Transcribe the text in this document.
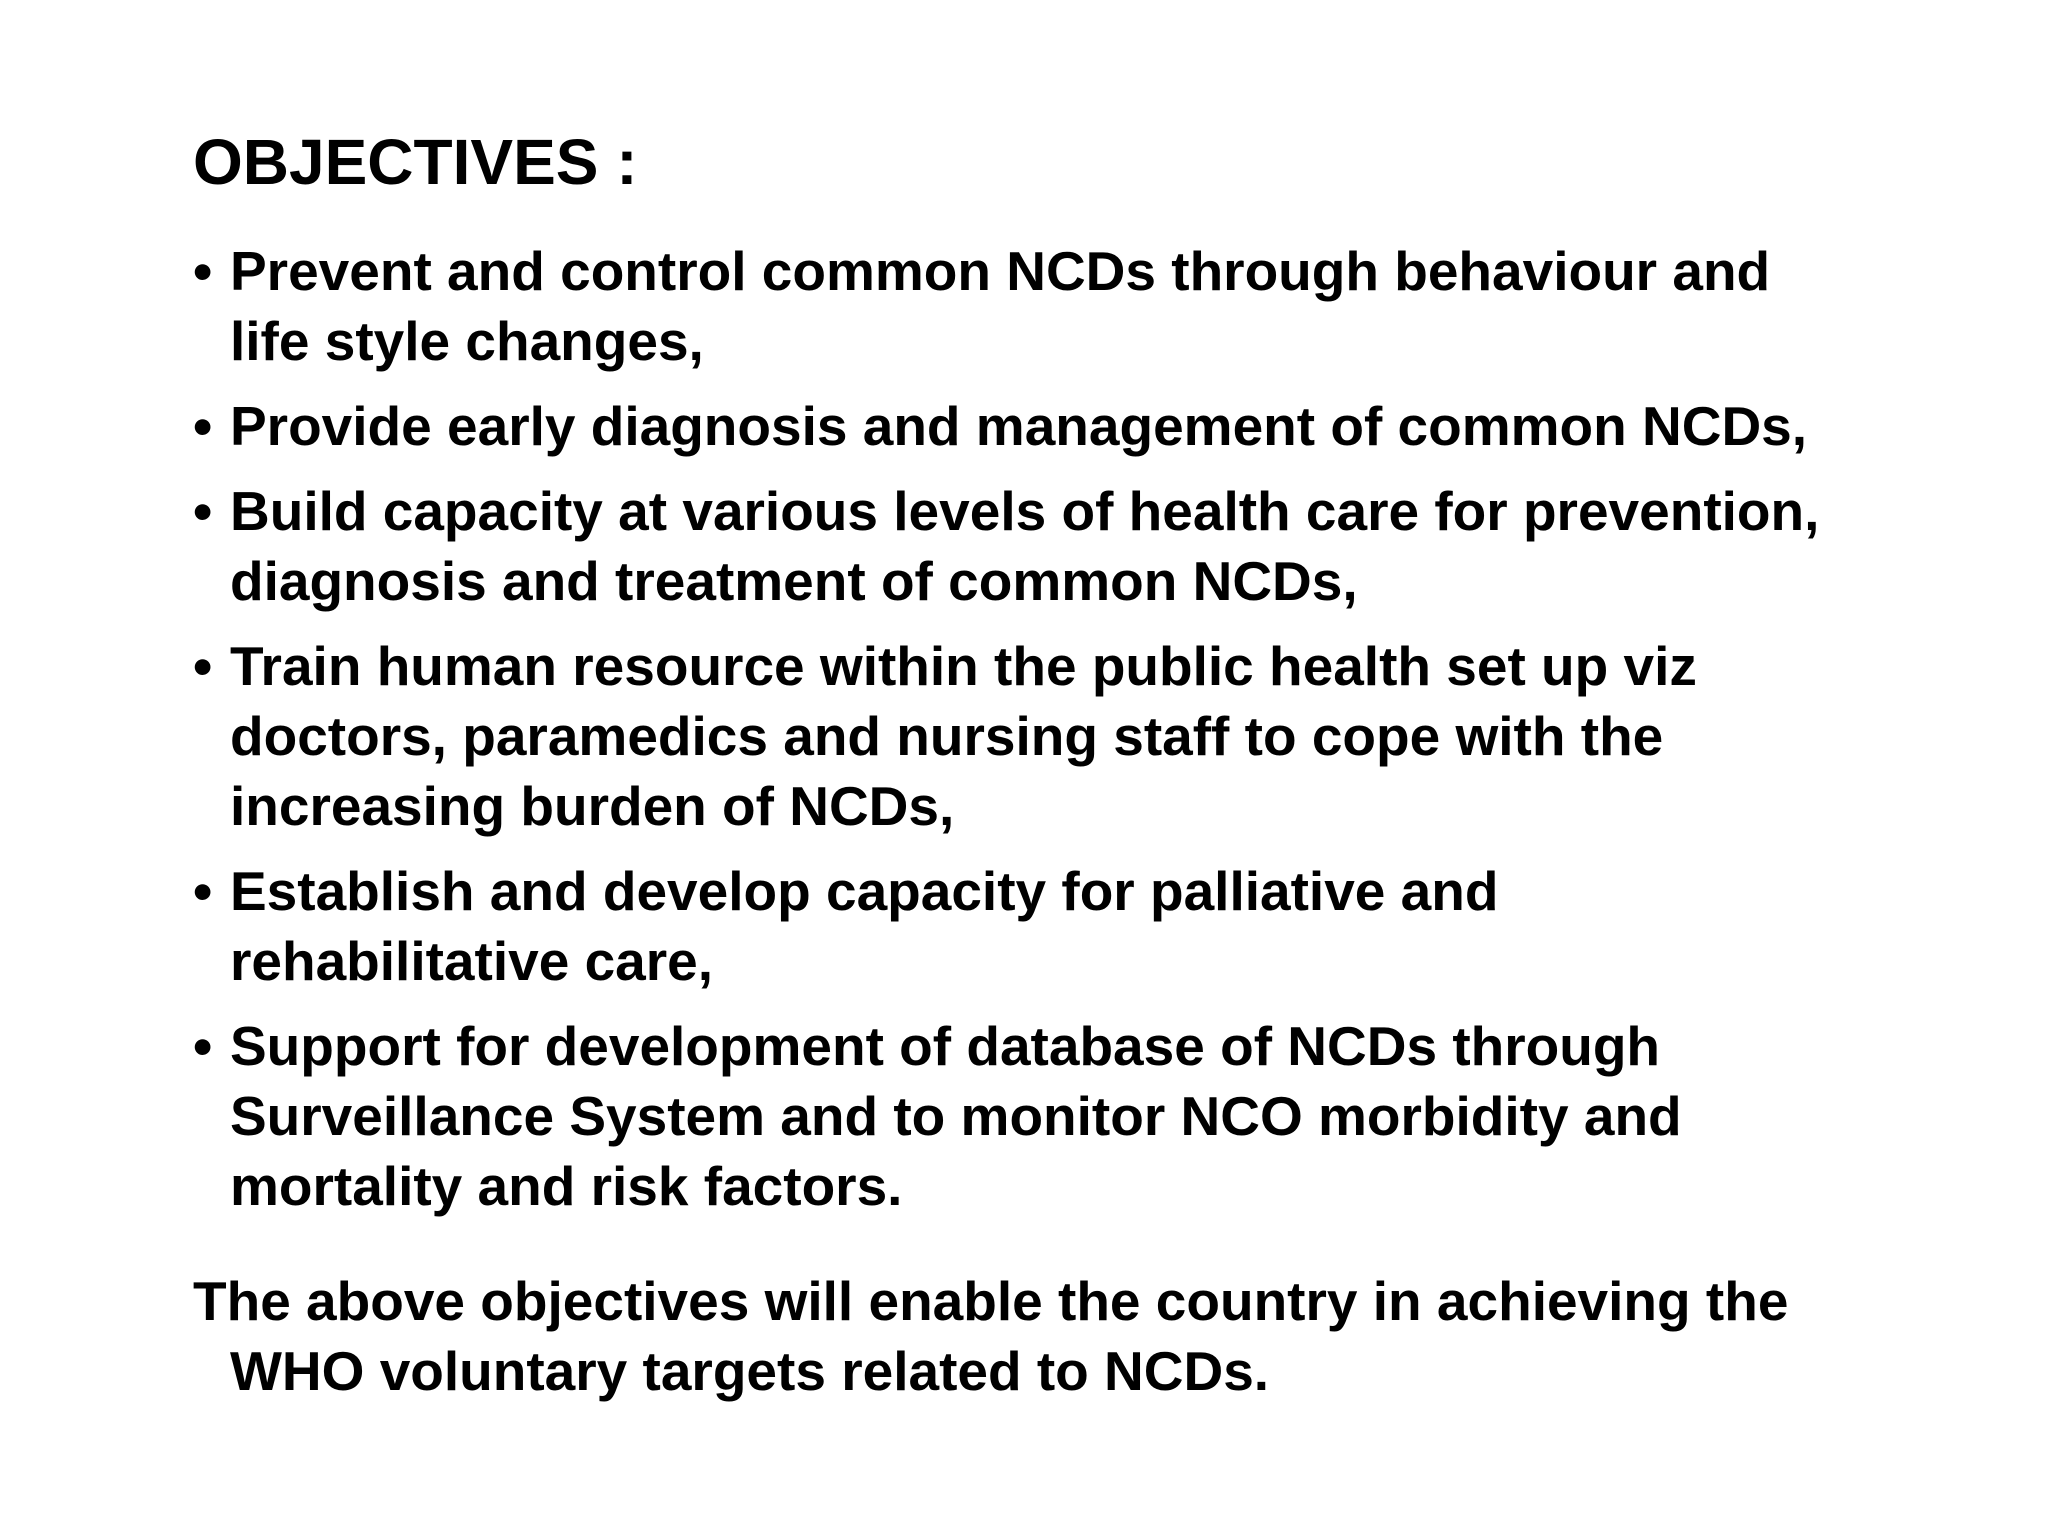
OBJECTIVES :
• Prevent and control common NCDs through behaviour and
life style changes,
• Provide early diagnosis and management of common NCDs,
• Build capacity at various levels of health care for prevention,
diagnosis and treatment of common NCDs,
• Train human resource within the public health set up viz
doctors, paramedics and nursing staff to cope with the
increasing burden of NCDs,
• Establish and develop capacity for palliative and
rehabilitative care,
• Support for development of database of NCDs through
Surveillance System and to monitor NCO morbidity and
mortality and risk factors.

The above objectives will enable the country in achieving the
WHO voluntary targets related to NCDs.
